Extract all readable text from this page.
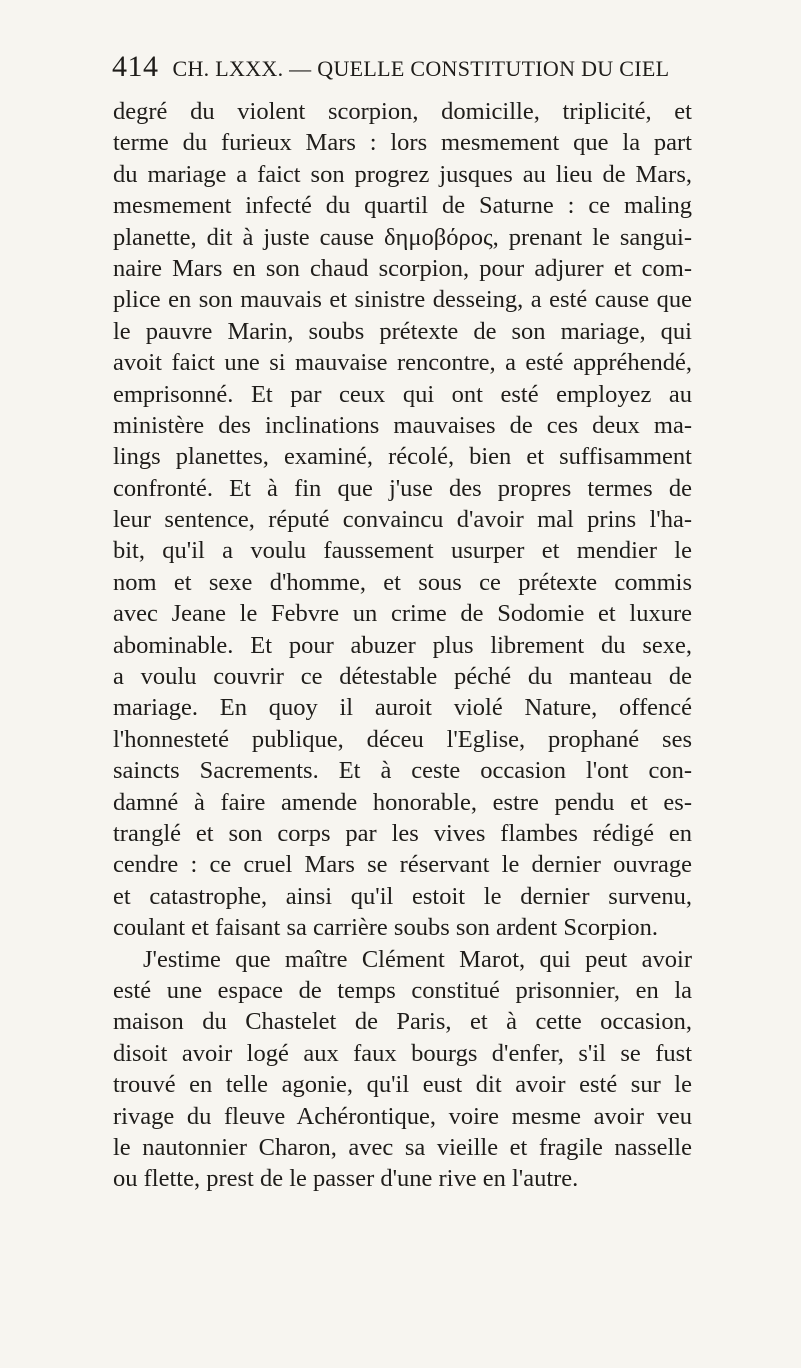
414 CH. LXXX. — QUELLE CONSTITUTION DU CIEL
degré du violent scorpion, domicille, triplicité, et
terme du furieux Mars : lors mesmement que la part
du mariage a faict son progrez jusques au lieu de Mars,
mesmement infecté du quartil de Saturne : ce maling
planette, dit à juste cause δημοβόρος, prenant le sangui-
naire Mars en son chaud scorpion, pour adjurer et com-
plice en son mauvais et sinistre desseing, a esté cause que
le pauvre Marin, soubs prétexte de son mariage, qui
avoit faict une si mauvaise rencontre, a esté appréhendé,
emprisonné. Et par ceux qui ont esté employez au
ministère des inclinations mauvaises de ces deux ma-
lings planettes, examiné, récolé, bien et suffisamment
confronté. Et à fin que j'use des propres termes de
leur sentence, réputé convaincu d'avoir mal prins l'ha-
bit, qu'il a voulu faussement usurper et mendier le
nom et sexe d'homme, et sous ce prétexte commis
avec Jeane le Febvre un crime de Sodomie et luxure
abominable. Et pour abuzer plus librement du sexe,
a voulu couvrir ce détestable péché du manteau de
mariage. En quoy il auroit violé Nature, offencé
l'honnesteté publique, déceu l'Eglise, prophané ses
saincts Sacrements. Et à ceste occasion l'ont con-
damné à faire amende honorable, estre pendu et es-
tranglé et son corps par les vives flambes rédigé en
cendre : ce cruel Mars se réservant le dernier ouvrage
et catastrophe, ainsi qu'il estoit le dernier survenu,
coulant et faisant sa carrière soubs son ardent Scorpion.
J'estime que maître Clément Marot, qui peut avoir
esté une espace de temps constitué prisonnier, en la
maison du Chastelet de Paris, et à cette occasion,
disoit avoir logé aux faux bourgs d'enfer, s'il se fust
trouvé en telle agonie, qu'il eust dit avoir esté sur le
rivage du fleuve Achérontique, voire mesme avoir veu
le nautonnier Charon, avec sa vieille et fragile nasselle
ou flette, prest de le passer d'une rive en l'autre.
